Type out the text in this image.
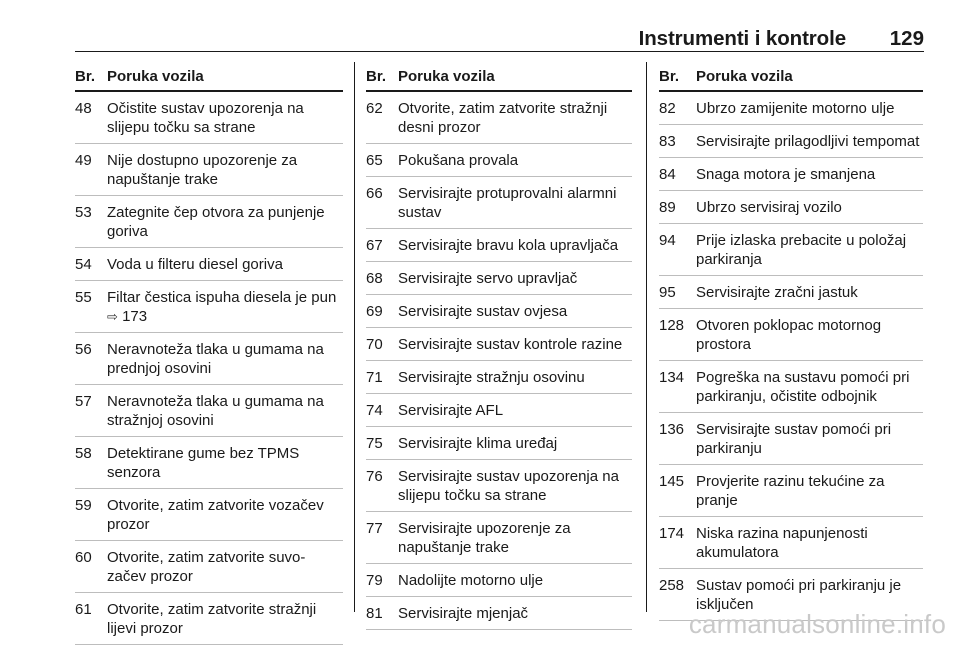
Instrumenti i kontrole 129
Br. Poruka vozila
48	Očistite sustav upozorenja na slijepu točku sa strane
49	Nije dostupno upozorenje za napuštanje trake
53	Zategnite čep otvora za punjenje goriva
54	Voda u filteru diesel goriva
55	Filtar čestica ispuha diesela je pun ⇨ 173
56	Neravnoteža tlaka u gumama na prednjoj osovini
57	Neravnoteža tlaka u gumama na stražnjoj osovini
58	Detektirane gume bez TPMS senzora
59	Otvorite, zatim zatvorite vozačev prozor
60	Otvorite, zatim zatvorite suvo- začev prozor
61	Otvorite, zatim zatvorite stražnji lijevi prozor
Br. Poruka vozila
62	Otvorite, zatim zatvorite stražnji desni prozor
65	Pokušana provala
66	Servisirajte protuprovalni alarmni sustav
67	Servisirajte bravu kola upravljača
68	Servisirajte servo upravljač
69	Servisirajte sustav ovjesa
70	Servisirajte sustav kontrole razine
71	Servisirajte stražnju osovinu
74	Servisirajte AFL
75	Servisirajte klima uređaj
76	Servisirajte sustav upozorenja na slijepu točku sa strane
77	Servisirajte upozorenje za napuštanje trake
79	Nadolijte motorno ulje
81	Servisirajte mjenjač
Br.	Poruka vozila
82	Ubrzo zamijenite motorno ulje
83	Servisirajte prilagodljivi tempomat
84	Snaga motora je smanjena
89	Ubrzo servisiraj vozilo
94	Prije izlaska prebacite u položaj parkiranja
95	Servisirajte zračni jastuk
128 Otvoren poklopac motornog prostora
134 Pogreška na sustavu pomoći pri parkiranju, očistite odbojnik
136 Servisirajte sustav pomoći pri parkiranju
145 Provjerite razinu tekućine za pranje
174 Niska razina napunjenosti akumulatora
258 Sustav pomoći pri parkiranju je isključen
carmanualsonline.info
